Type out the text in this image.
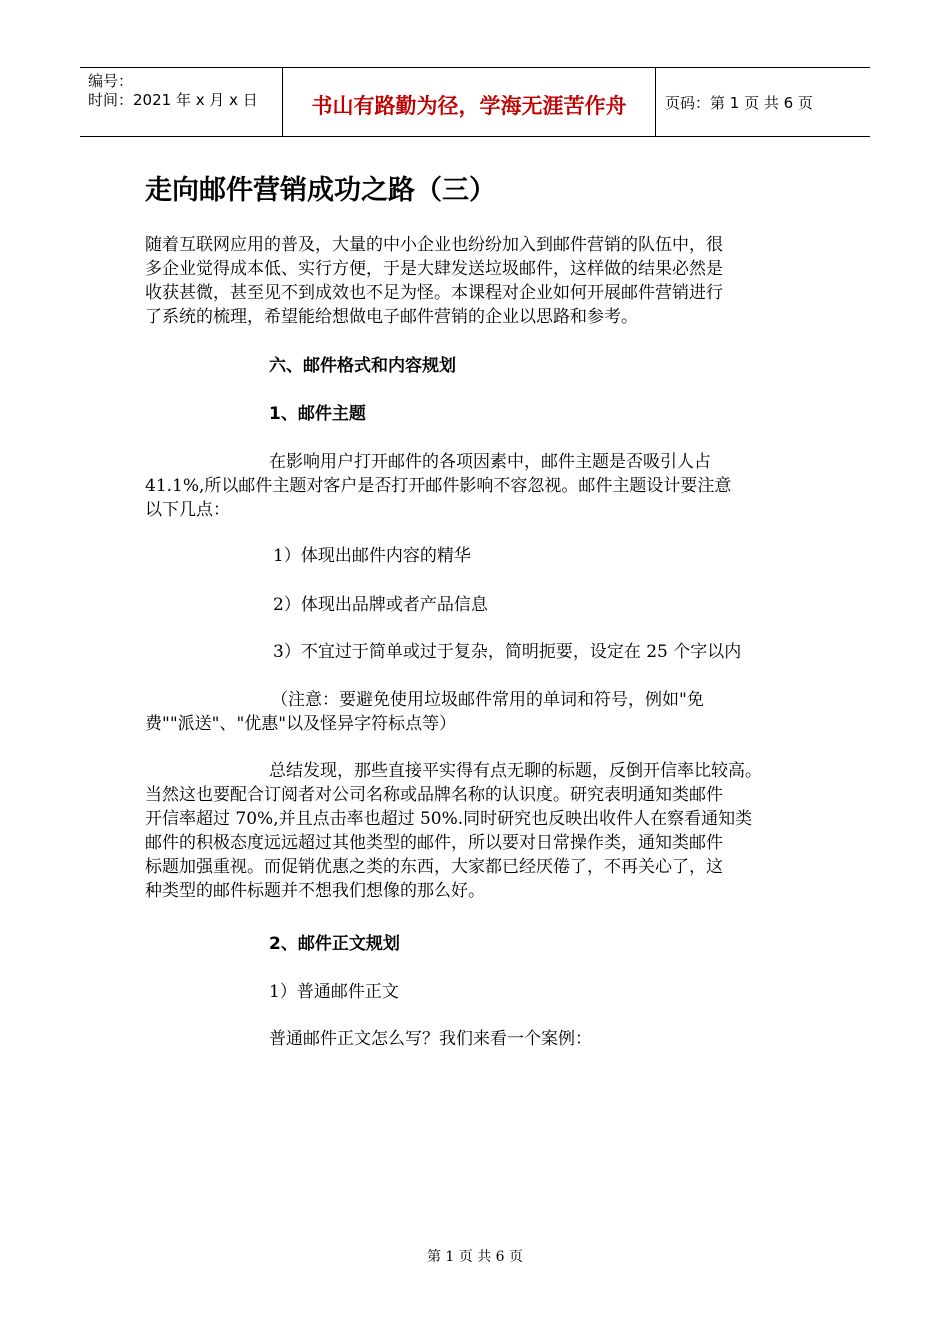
编号：
时间：2021 年 x 月 x 日	书山有路勤为径，学海无涯苦作舟	页码：第 1 页 共 6 页
走向邮件营销成功之路（三）
随着互联网应用的普及，大量的中小企业也纷纷加入到邮件营销的队伍中，很
多企业觉得成本低、实行方便，于是大肆发送垃圾邮件，这样做的结果必然是
收获甚微，甚至见不到成效也不足为怪。本课程对企业如何开展邮件营销进行
了系统的梳理，希望能给想做电子邮件营销的企业以思路和参考。
六、邮件格式和内容规划
1、邮件主题
在影响用户打开邮件的各项因素中，邮件主题是否吸引人占
41.1%,所以邮件主题对客户是否打开邮件影响不容忽视。邮件主题设计要注意
以下几点：
1）体现出邮件内容的精华
2）体现出品牌或者产品信息
3）不宜过于简单或过于复杂，简明扼要，设定在 25 个字以内
（注意：要避免使用垃圾邮件常用的单词和符号，例如"免
费""派送"、"优惠"以及怪异字符标点等）
总结发现，那些直接平实得有点无聊的标题，反倒开信率比较高。
当然这也要配合订阅者对公司名称或品牌名称的认识度。研究表明通知类邮件
开信率超过 70%,并且点击率也超过 50%.同时研究也反映出收件人在察看通知类
邮件的积极态度远远超过其他类型的邮件，所以要对日常操作类，通知类邮件
标题加强重视。而促销优惠之类的东西，大家都已经厌倦了，不再关心了，这
种类型的邮件标题并不想我们想像的那么好。
2、邮件正文规划
1）普通邮件正文
普通邮件正文怎么写？我们来看一个案例：
第 1 页 共 6 页
